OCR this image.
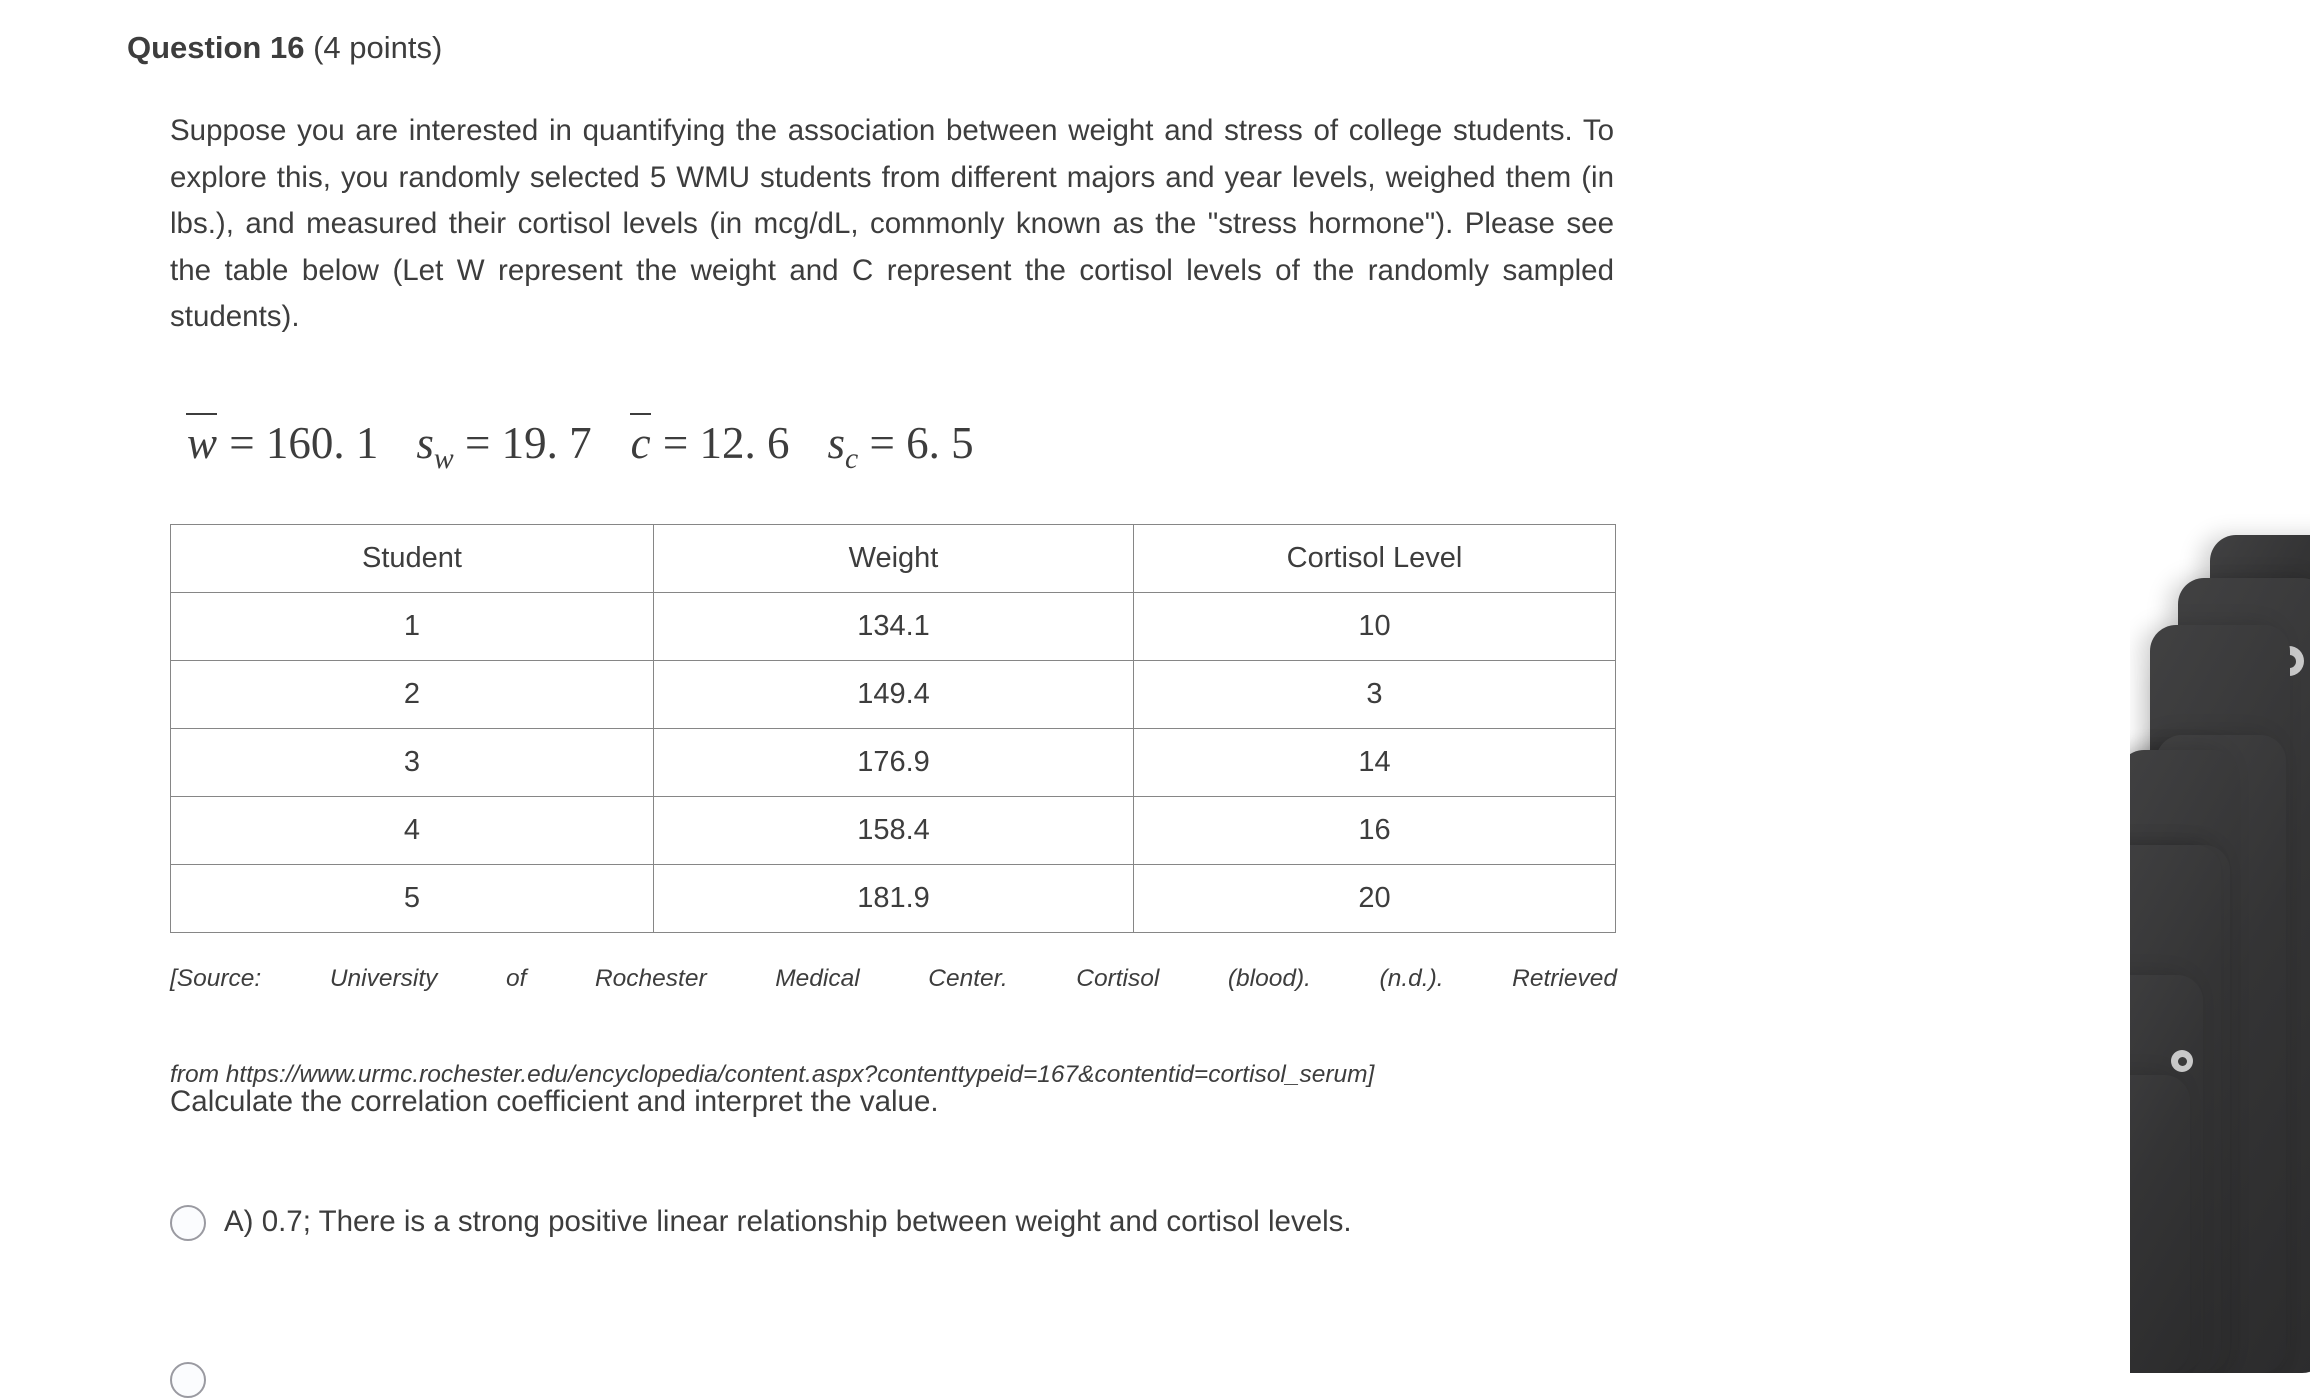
Question 16 (4 points)
Suppose you are interested in quantifying the association between weight and stress of college students. To explore this, you randomly selected 5 WMU students from different majors and year levels, weighed them (in lbs.), and measured their cortisol levels (in mcg/dL, commonly known as the "stress hormone"). Please see the table below (Let W represent the weight and C represent the cortisol levels of the randomly sampled students).
w = 160. 1 $s_w = 19$. 7 c = 12. 6 $s_c = 6$. 5
Student	Weight	Cortisol Level
1	134.1	10
2	149.4	3
3	176.9	14
4	158.4	16
5	181.9	20
[Source: University of Rochester Medical Center. Cortisol (blood). (n.d.). Retrieved
from https://www.urmc.rochester.edu/encyclopedia/content.aspx?contenttypeid=167&contentid=cortisol_serum]
Calculate the correlation coefficient and interpret the value.
A) 0.7; There is a strong positive linear relationship between weight and cortisol levels.
